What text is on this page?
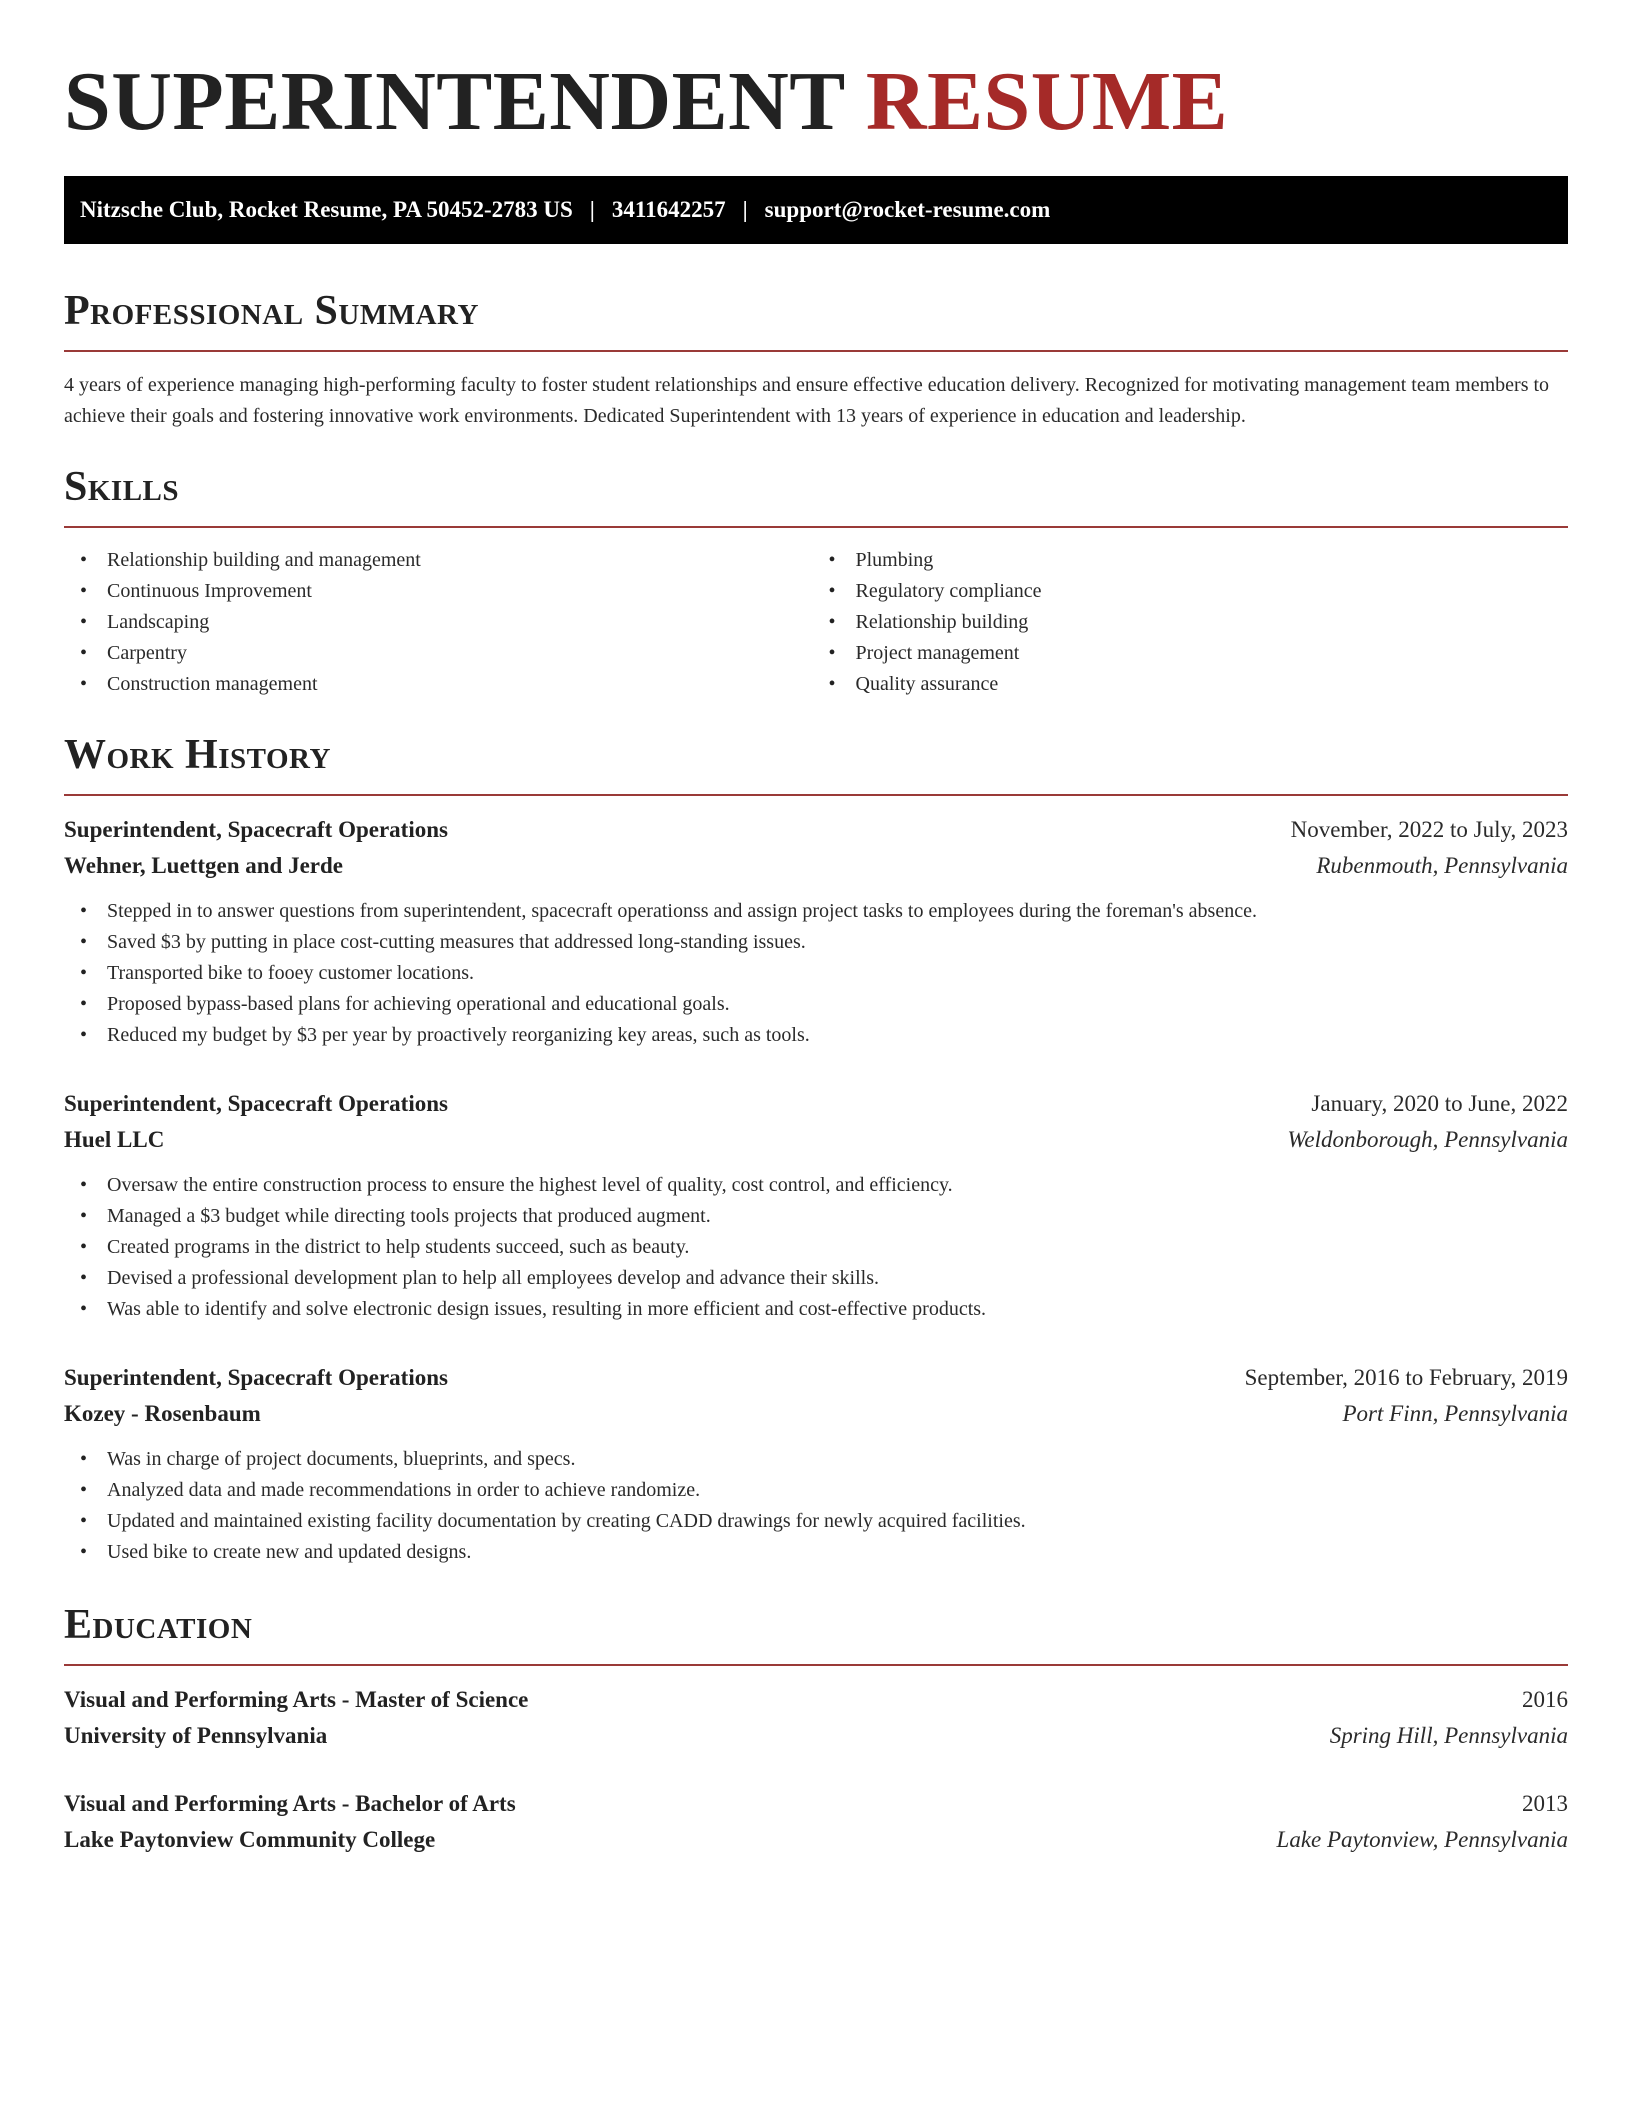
SUPERINTENDENT RESUME
Nitzsche Club, Rocket Resume, PA 50452-2783 US | 3411642257 | support@rocket-resume.com
Professional Summary

4 years of experience managing high-performing faculty to foster student relationships and ensure effective education delivery. Recognized for motivating management team members to achieve their goals and fostering innovative work environments. Dedicated Superintendent with 13 years of experience in education and leadership.

Skills
• Relationship building and management
• Continuous Improvement
• Landscaping
• Carpentry
• Construction management
• Plumbing
• Regulatory compliance
• Relationship building
• Project management
• Quality assurance
Work History
Superintendent, Spacecraft Operations	November, 2022 to July, 2023
Wehner, Luettgen and Jerde	Rubenmouth, Pennsylvania
• Stepped in to answer questions from superintendent, spacecraft operationss and assign project tasks to employees during the foreman's absence.
• Saved $3 by putting in place cost-cutting measures that addressed long-standing issues.
• Transported bike to fooey customer locations.
• Proposed bypass-based plans for achieving operational and educational goals.
• Reduced my budget by $3 per year by proactively reorganizing key areas, such as tools.
Superintendent, Spacecraft Operations	January, 2020 to June, 2022
Huel LLC	Weldonborough, Pennsylvania
• Oversaw the entire construction process to ensure the highest level of quality, cost control, and efficiency.
• Managed a $3 budget while directing tools projects that produced augment.
• Created programs in the district to help students succeed, such as beauty.
• Devised a professional development plan to help all employees develop and advance their skills.
• Was able to identify and solve electronic design issues, resulting in more efficient and cost-effective products.
Superintendent, Spacecraft Operations	September, 2016 to February, 2019
Kozey - Rosenbaum	Port Finn, Pennsylvania
• Was in charge of project documents, blueprints, and specs.
• Analyzed data and made recommendations in order to achieve randomize.
• Updated and maintained existing facility documentation by creating CADD drawings for newly acquired facilities.
• Used bike to create new and updated designs.
Education
Visual and Performing Arts - Master of Science	2016
University of Pennsylvania	Spring Hill, Pennsylvania
Visual and Performing Arts - Bachelor of Arts	2013
Lake Paytonview Community College	Lake Paytonview, Pennsylvania
